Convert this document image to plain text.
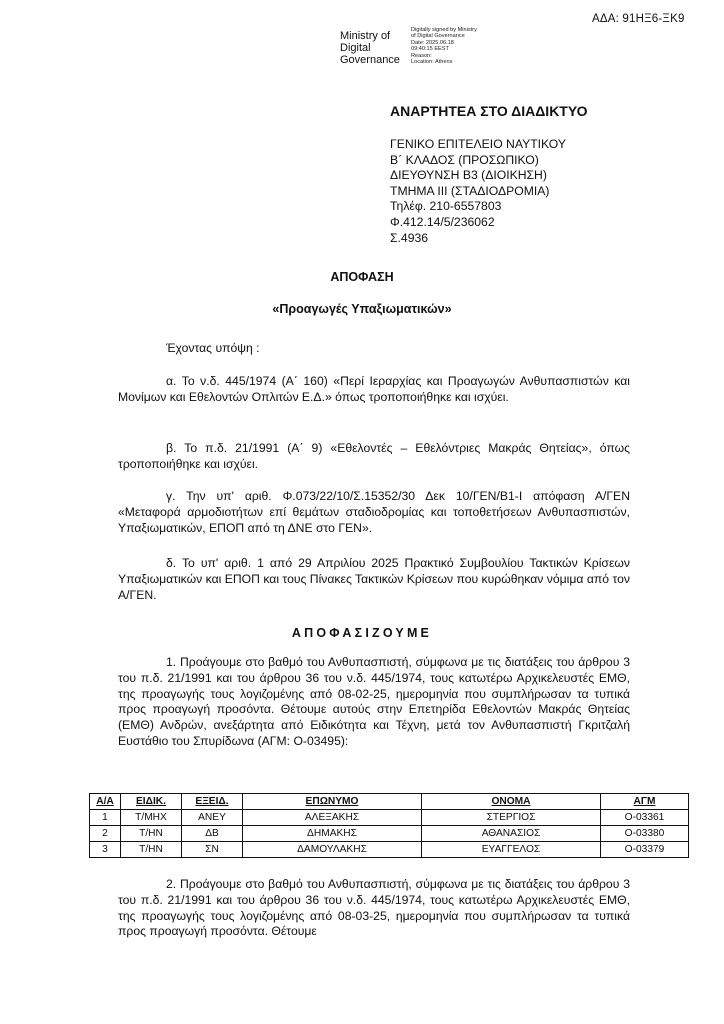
ΑΔΑ: 91ΗΞ6-ΞΚ9
Ministry of
Digital
Governance
Digitally signed by Ministry
of Digital Governance
Date: 2025.06.18
09:40:15 EEST
Reason:
Location: Athens
ΑΝΑΡΤΗΤΕΑ ΣΤΟ ΔΙΑΔΙΚΤΥΟ
ΓΕΝΙΚΟ ΕΠΙΤΕΛΕΙΟ ΝΑΥΤΙΚΟΥ
Β΄ ΚΛΑΔΟΣ (ΠΡΟΣΩΠΙΚΟ)
ΔΙΕΥΘΥΝΣΗ Β3 (ΔΙΟΙΚΗΣΗ)
ΤΜΗΜΑ ΙΙΙ (ΣΤΑΔΙΟΔΡΟΜΙΑ)
Τηλέφ. 210-6557803
Φ.412.14/5/236062
Σ.4936
ΑΠΟΦΑΣΗ
«Προαγωγές Υπαξιωματικών»
Έχοντας υπόψη :
α. Το ν.δ. 445/1974 (Α΄ 160) «Περί Ιεραρχίας και Προαγωγών Ανθυπασπιστών και Μονίμων και Εθελοντών Οπλιτών Ε.Δ.» όπως τροποποιήθηκε και ισχύει.
β. Το π.δ. 21/1991 (Α΄ 9) «Εθελοντές – Εθελόντριες Μακράς Θητείας», όπως τροποποιήθηκε και ισχύει.
γ. Την υπ' αριθ. Φ.073/22/10/Σ.15352/30 Δεκ 10/ΓΕΝ/Β1-Ι απόφαση Α/ΓΕΝ «Μεταφορά αρμοδιοτήτων επί θεμάτων σταδιοδρομίας και τοποθετήσεων Ανθυπασπιστών, Υπαξιωματικών, ΕΠΟΠ από τη ΔΝΕ στο ΓΕΝ».
δ. Το υπ' αριθ. 1 από 29 Απριλίου 2025 Πρακτικό Συμβουλίου Τακτικών Κρίσεων Υπαξιωματικών και ΕΠΟΠ και τους Πίνακες Τακτικών Κρίσεων που κυρώθηκαν νόμιμα από τον Α/ΓΕΝ.
ΑΠΟΦΑΣΙΖΟΥΜΕ
1. Προάγουμε στο βαθμό του Ανθυπασπιστή, σύμφωνα με τις διατάξεις του άρθρου 3 του π.δ. 21/1991 και του άρθρου 36 του ν.δ. 445/1974, τους κατωτέρω Αρχικελευστές ΕΜΘ, της προαγωγής τους λογιζομένης από 08-02-25, ημερομηνία που συμπλήρωσαν τα τυπικά προς προαγωγή προσόντα. Θέτουμε αυτούς στην Επετηρίδα Εθελοντών Μακράς Θητείας (ΕΜΘ) Ανδρών, ανεξάρτητα από Ειδικότητα και Τέχνη, μετά τον Ανθυπασπιστή Γκριτζαλή Ευστάθιο του Σπυρίδωνα (ΑΓΜ: Ο-03495):
Α/Α	ΕΙΔΙΚ.	ΕΞΕΙΔ.	ΕΠΩΝΥΜΟ	ΟΝΟΜΑ	ΑΓΜ
1	Τ/ΜΗΧ	ΑΝΕΥ	ΑΛΕΞΑΚΗΣ	ΣΤΕΡΓΙΟΣ	Ο-03361
2	Τ/ΗΝ	ΔΒ	ΔΗΜΑΚΗΣ	ΑΘΑΝΑΣΙΟΣ	Ο-03380
3	Τ/ΗΝ	ΣΝ	ΔΑΜΟΥΛΑΚΗΣ	ΕΥΑΓΓΕΛΟΣ	Ο-03379
2. Προάγουμε στο βαθμό του Ανθυπασπιστή, σύμφωνα με τις διατάξεις του άρθρου 3 του π.δ. 21/1991 και του άρθρου 36 του ν.δ. 445/1974, τους κατωτέρω Αρχικελευστές ΕΜΘ, της προαγωγής τους λογιζομένης από 08-03-25, ημερομηνία που συμπλήρωσαν τα τυπικά προς προαγωγή προσόντα. Θέτουμε
